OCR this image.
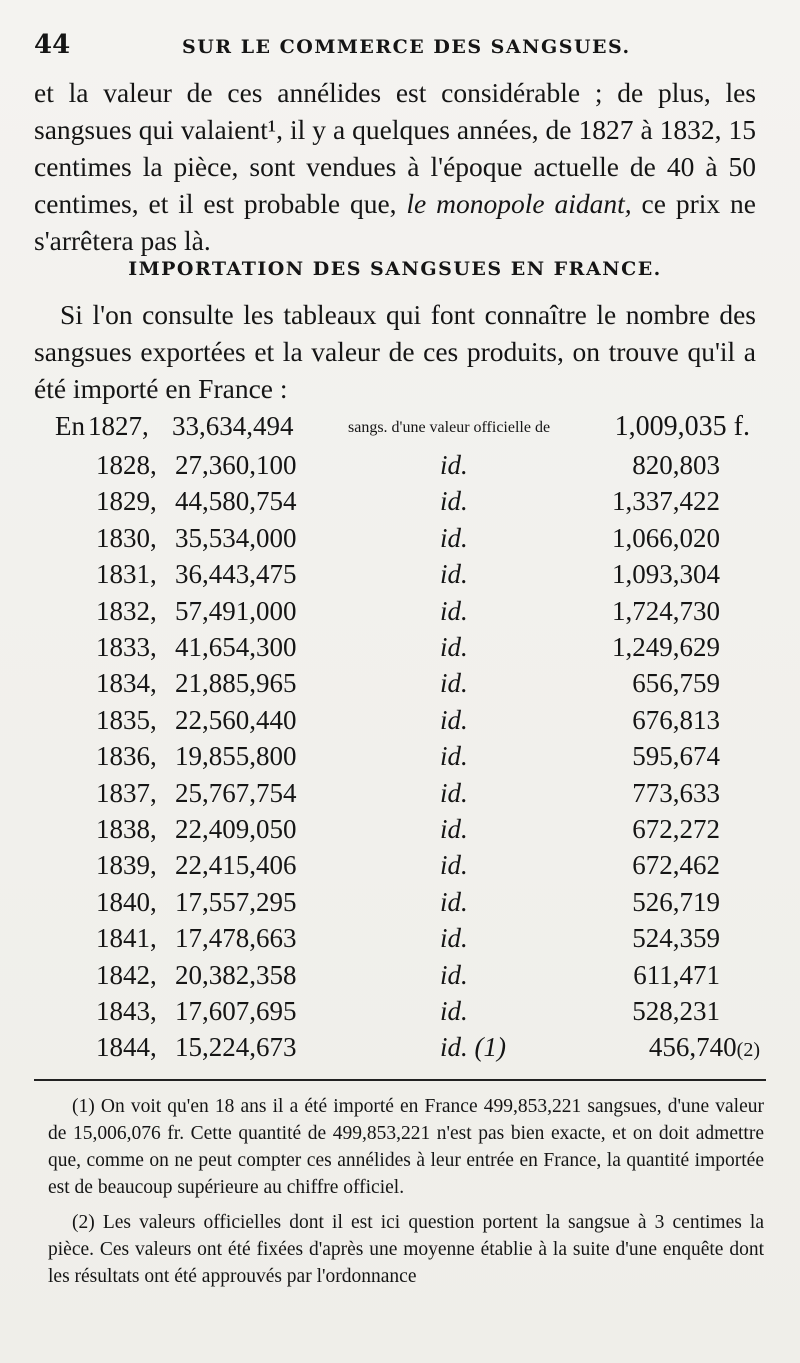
44	SUR LE COMMERCE DES SANGSUES.

et la valeur de ces annélides est considérable ; de plus, les sangsues qui valaient¹, il y a quelques années, de 1827 à 1832, 15 centimes la pièce, sont vendues à l'époque actuelle de 40 à 50 centimes, et il est probable que, le monopole aidant, ce prix ne s'arrêtera pas là.

IMPORTATION DES SANGSUES EN FRANCE.

Si l'on consulte les tableaux qui font connaître le nombre des sangsues exportées et la valeur de ces produits, on trouve qu'il a été importé en France :

En 1827, 33,634,494	sangs. d'une valeur officielle de 1,009,035 f.
1828, 27,360,100	id.	820,803
1829, 44,580,754	id.	1,337,422
1830, 35,534,000	id.	1,066,020
1831, 36,443,475	id.	1,093,304
1832, 57,491,000	id.	1,724,730
1833, 41,654,300	id.	1,249,629
1834, 21,885,965	id.	656,759
1835, 22,560,440	id.	676,813
1836, 19,855,800	id.	595,674
1837, 25,767,754	id.	773,633
1838, 22,409,050	id.	672,272
1839, 22,415,406	id.	672,462
1840, 17,557,295	id.	526,719
1841, 17,478,663	id.	524,359
1842, 20,382,358	id.	611,471
1843, 17,607,695	id.	528,231
1844, 15,224,673	id. (1)	456,740(2)

(1) On voit qu'en 18 ans il a été importé en France 499,853,221 sangsues, d'une valeur de 15,006,076 fr. Cette quantité de 499,853,221 n'est pas bien exacte, et on doit admettre que, comme on ne peut compter ces annélides à leur entrée en France, la quantité importée est de beaucoup supérieure au chiffre officiel.

(2) Les valeurs officielles dont il est ici question portent la sangsue à 3 centimes la pièce. Ces valeurs ont été fixées d'après une moyenne établie à la suite d'une enquête dont les résultats ont été approuvés par l'ordonnance
